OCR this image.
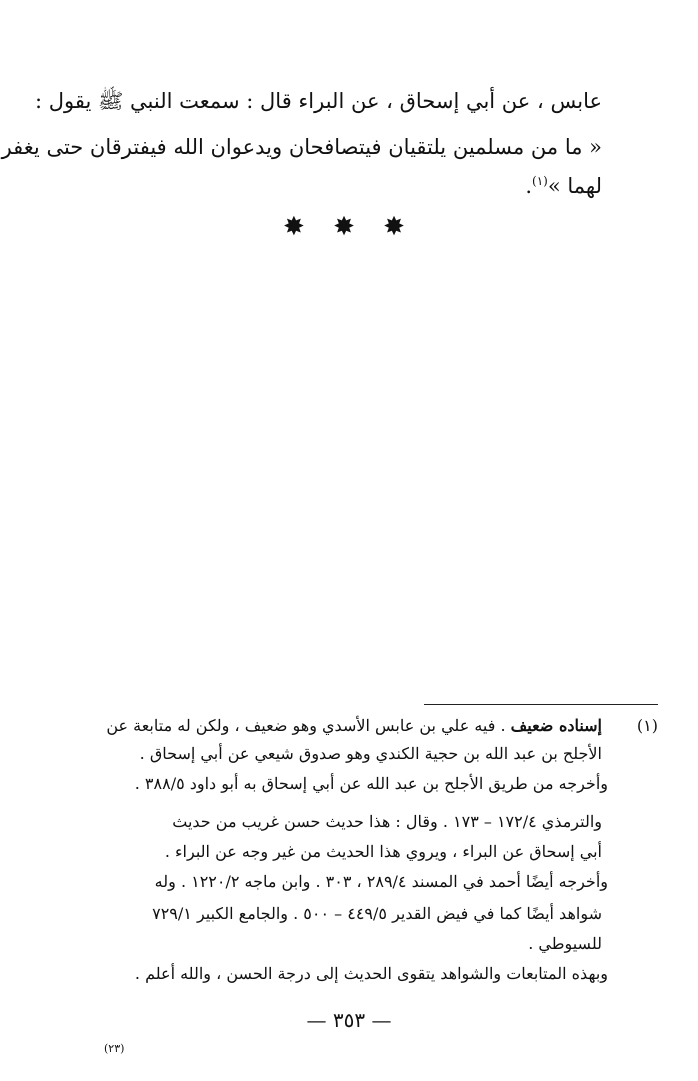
عابس ، عن أبي إسحاق ، عن البراء قال : سمعت النبي ﷺ يقول :
« ما من مسلمين يلتقيان فيتصافحان ويدعوان الله فيفترقان حتى يغفر
لهما »$^{(١)}$.
✸ ✸ ✸
(١)
إسناده ضعيف . فيه علي بن عابس الأسدي وهو ضعيف ، ولكن له متابعة عن
الأجلح بن عبد الله بن حجية الكندي وهو صدوق شيعي عن أبي إسحاق .
وأخرجه من طريق الأجلح بن عبد الله عن أبي إسحاق به أبو داود ٣٨٨/٥ .
والترمذي ١٧٢/٤ – ١٧٣ . وقال : هذا حديث حسن غريب من حديث
أبي إسحاق عن البراء ، ويروي هذا الحديث من غير وجه عن البراء .
وأخرجه أيضًا أحمد في المسند ٢٨٩/٤ ، ٣٠٣ . وابن ماجه ١٢٢٠/٢ . وله
شواهد أيضًا كما في فيض القدير ٤٤٩/٥ – ٥٠٠ . والجامع الكبير ٧٢٩/١
للسيوطي .
وبهذه المتابعات والشواهد يتقوى الحديث إلى درجة الحسن ، والله أعلم .
— ٣٥٣ —
(٢٣)
